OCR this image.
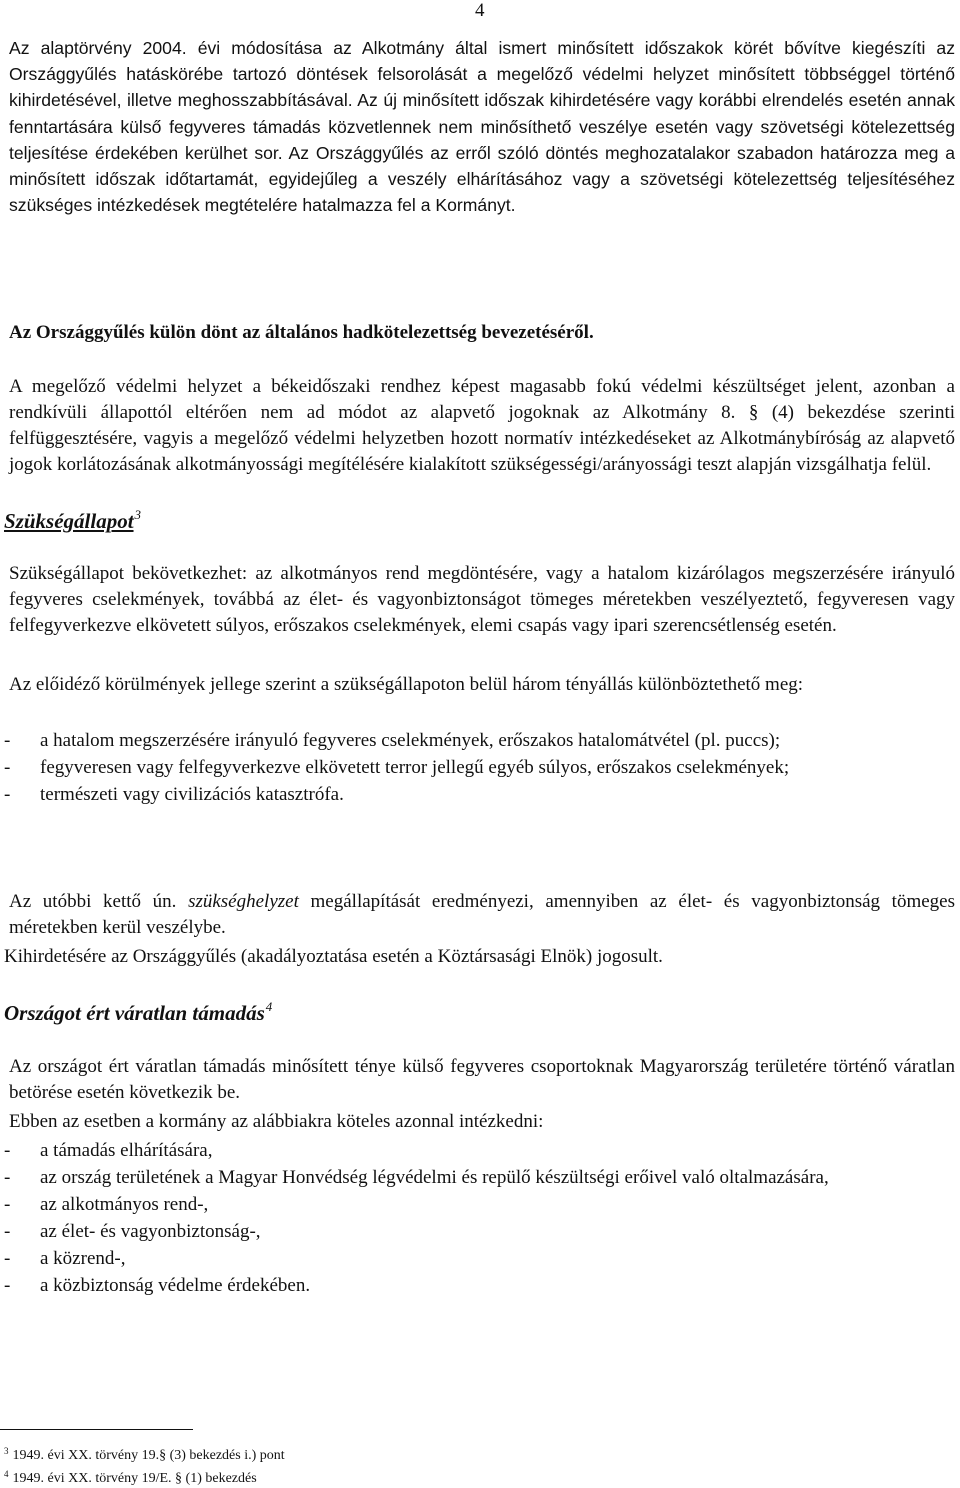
4

Az alaptörvény 2004. évi módosítása az Alkotmány által ismert minősített időszakok körét bővítve kiegészíti az Országgyűlés hatáskörébe tartozó döntések felsorolását a megelőző védelmi helyzet minősített többséggel történő kihirdetésével, illetve meghosszabbításával. Az új minősített időszak kihirdetésére vagy korábbi elrendelés esetén annak fenntartására külső fegyveres támadás közvetlennek nem minősíthető veszélye esetén vagy szövetségi kötelezettség teljesítése érdekében kerülhet sor. Az Országgyűlés az erről szóló döntés meghozatalakor szabadon határozza meg a minősített időszak időtartamát, egyidejűleg a veszély elhárításához vagy a szövetségi kötelezettség teljesítéséhez szükséges intézkedések megtételére hatalmazza fel a Kormányt.

Az Országgyűlés külön dönt az általános hadkötelezettség bevezetéséről.

A megelőző védelmi helyzet a békeidőszaki rendhez képest magasabb fokú védelmi készültséget jelent, azonban a rendkívüli állapottól eltérően nem ad módot az alapvető jogoknak az Alkotmány 8. § (4) bekezdése szerinti felfüggesztésére, vagyis a megelőző védelmi helyzetben hozott normatív intézkedéseket az Alkotmánybíróság az alapvető jogok korlátozásának alkotmányossági megítélésére kialakított szükségességi/arányossági teszt alapján vizsgálhatja felül.

Szükségállapot$^3$

Szükségállapot bekövetkezhet: az alkotmányos rend megdöntésére, vagy a hatalom kizárólagos megszerzésére irányuló fegyveres cselekmények, továbbá az élet- és vagyonbiztonságot tömeges méretekben veszélyeztető, fegyveresen vagy felfegyverkezve elkövetett súlyos, erőszakos cselekmények, elemi csapás vagy ipari szerencsétlenség esetén.

Az előidéző körülmények jellege szerint a szükségállapoton belül három tényállás különböztethető meg:

- a hatalom megszerzésére irányuló fegyveres cselekmények, erőszakos hatalomátvétel (pl. puccs);
- fegyveresen vagy felfegyverkezve elkövetett terror jellegű egyéb súlyos, erőszakos cselekmények;
- természeti vagy civilizációs katasztrófa.

Az utóbbi kettő ún. szükséghelyzet megállapítását eredményezi, amennyiben az élet- és vagyonbiztonság tömeges méretekben kerül veszélybe.

Kihirdetésére az Országgyűlés (akadályoztatása esetén a Köztársasági Elnök) jogosult.

Országot ért váratlan támadás$^4$

Az országot ért váratlan támadás minősített ténye külső fegyveres csoportoknak Magyarország területére történő váratlan betörése esetén következik be.

Ebben az esetben a kormány az alábbiakra köteles azonnal intézkedni:

- a támadás elhárítására,
- az ország területének a Magyar Honvédség légvédelmi és repülő készültségi erőivel való oltalmazására,
- az alkotmányos rend-,
- az élet- és vagyonbiztonság-,
- a közrend-,
- a közbiztonság védelme érdekében.
$^3$ 1949. évi XX. törvény 19.§ (3) bekezdés i.) pont
$^4$ 1949. évi XX. törvény 19/E. § (1) bekezdés
